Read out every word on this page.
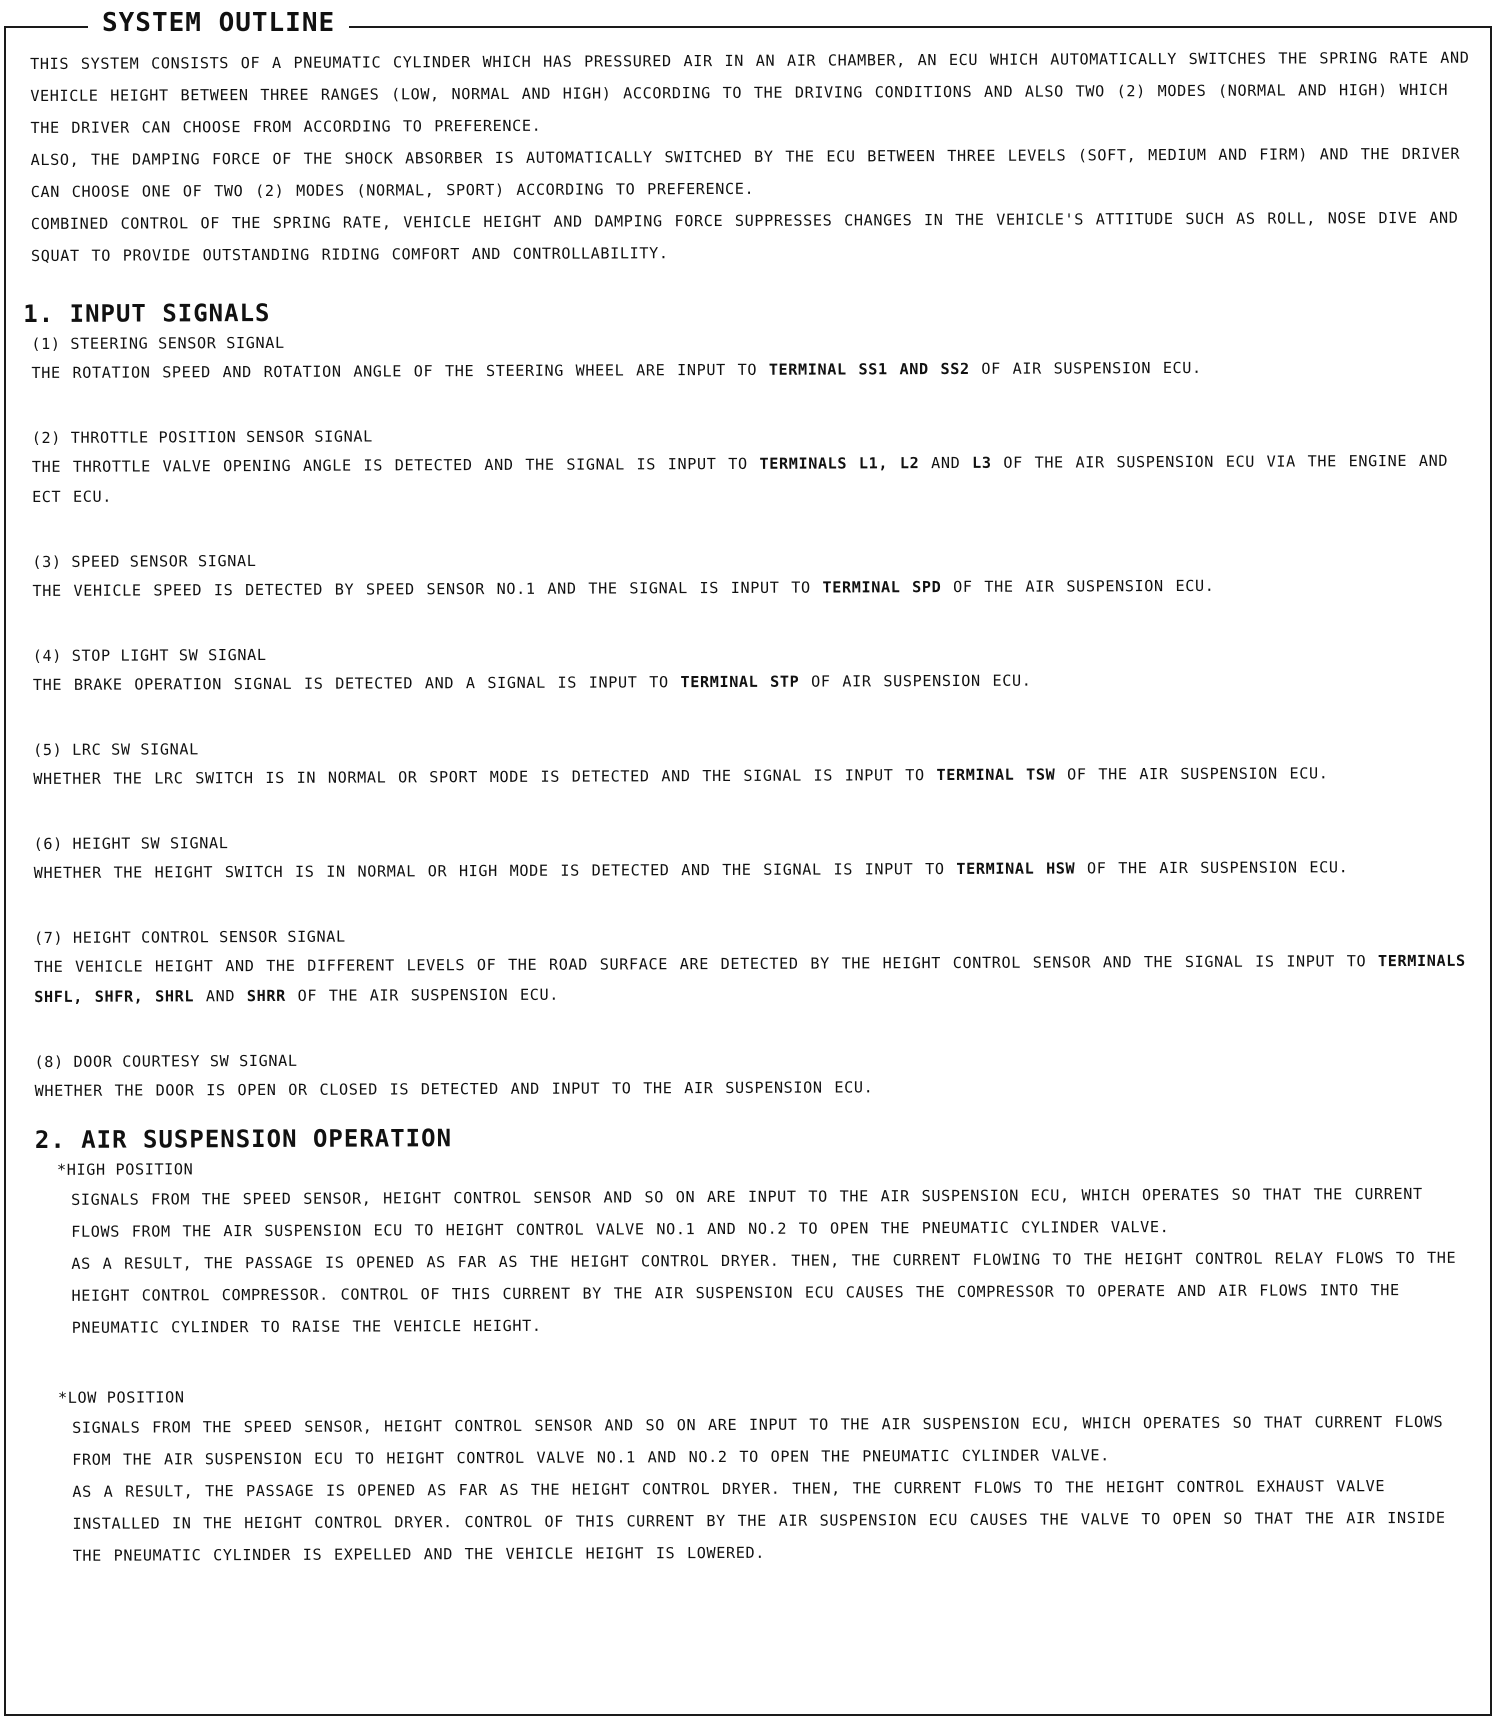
SYSTEM OUTLINE
THIS SYSTEM CONSISTS OF A PNEUMATIC CYLINDER WHICH HAS PRESSURED AIR IN AN AIR CHAMBER, AN ECU WHICH AUTOMATICALLY SWITCHES THE SPRING RATE AND VEHICLE HEIGHT BETWEEN THREE RANGES (LOW, NORMAL AND HIGH) ACCORDING TO THE DRIVING CONDITIONS AND ALSO TWO (2) MODES (NORMAL AND HIGH) WHICH THE DRIVER CAN CHOOSE FROM ACCORDING TO PREFERENCE.
ALSO, THE DAMPING FORCE OF THE SHOCK ABSORBER IS AUTOMATICALLY SWITCHED BY THE ECU BETWEEN THREE LEVELS (SOFT, MEDIUM AND FIRM) AND THE DRIVER CAN CHOOSE ONE OF TWO (2) MODES (NORMAL, SPORT) ACCORDING TO PREFERENCE.
COMBINED CONTROL OF THE SPRING RATE, VEHICLE HEIGHT AND DAMPING FORCE SUPPRESSES CHANGES IN THE VEHICLE'S ATTITUDE SUCH AS ROLL, NOSE DIVE AND SQUAT TO PROVIDE OUTSTANDING RIDING COMFORT AND CONTROLLABILITY.
1. INPUT SIGNALS
(1) STEERING SENSOR SIGNAL
THE ROTATION SPEED AND ROTATION ANGLE OF THE STEERING WHEEL ARE INPUT TO TERMINAL SS1 AND SS2 OF AIR SUSPENSION ECU.
(2) THROTTLE POSITION SENSOR SIGNAL
THE THROTTLE VALVE OPENING ANGLE IS DETECTED AND THE SIGNAL IS INPUT TO TERMINALS L1, L2 AND L3 OF THE AIR SUSPENSION ECU VIA THE ENGINE AND ECT ECU.
(3) SPEED SENSOR SIGNAL
THE VEHICLE SPEED IS DETECTED BY SPEED SENSOR NO.1 AND THE SIGNAL IS INPUT TO TERMINAL SPD OF THE AIR SUSPENSION ECU.
(4) STOP LIGHT SW SIGNAL
THE BRAKE OPERATION SIGNAL IS DETECTED AND A SIGNAL IS INPUT TO TERMINAL STP OF AIR SUSPENSION ECU.
(5) LRC SW SIGNAL
WHETHER THE LRC SWITCH IS IN NORMAL OR SPORT MODE IS DETECTED AND THE SIGNAL IS INPUT TO TERMINAL TSW OF THE AIR SUSPENSION ECU.
(6) HEIGHT SW SIGNAL
WHETHER THE HEIGHT SWITCH IS IN NORMAL OR HIGH MODE IS DETECTED AND THE SIGNAL IS INPUT TO TERMINAL HSW OF THE AIR SUSPENSION ECU.
(7) HEIGHT CONTROL SENSOR SIGNAL
THE VEHICLE HEIGHT AND THE DIFFERENT LEVELS OF THE ROAD SURFACE ARE DETECTED BY THE HEIGHT CONTROL SENSOR AND THE SIGNAL IS INPUT TO TERMINALS SHFL, SHFR, SHRL AND SHRR OF THE AIR SUSPENSION ECU.
(8) DOOR COURTESY SW SIGNAL
WHETHER THE DOOR IS OPEN OR CLOSED IS DETECTED AND INPUT TO THE AIR SUSPENSION ECU.
2. AIR SUSPENSION OPERATION
*HIGH POSITION
SIGNALS FROM THE SPEED SENSOR, HEIGHT CONTROL SENSOR AND SO ON ARE INPUT TO THE AIR SUSPENSION ECU, WHICH OPERATES SO THAT THE CURRENT FLOWS FROM THE AIR SUSPENSION ECU TO HEIGHT CONTROL VALVE NO.1 AND NO.2 TO OPEN THE PNEUMATIC CYLINDER VALVE.
AS A RESULT, THE PASSAGE IS OPENED AS FAR AS THE HEIGHT CONTROL DRYER. THEN, THE CURRENT FLOWING TO THE HEIGHT CONTROL RELAY FLOWS TO THE HEIGHT CONTROL COMPRESSOR. CONTROL OF THIS CURRENT BY THE AIR SUSPENSION ECU CAUSES THE COMPRESSOR TO OPERATE AND AIR FLOWS INTO THE PNEUMATIC CYLINDER TO RAISE THE VEHICLE HEIGHT.
*LOW POSITION
SIGNALS FROM THE SPEED SENSOR, HEIGHT CONTROL SENSOR AND SO ON ARE INPUT TO THE AIR SUSPENSION ECU, WHICH OPERATES SO THAT CURRENT FLOWS FROM THE AIR SUSPENSION ECU TO HEIGHT CONTROL VALVE NO.1 AND NO.2 TO OPEN THE PNEUMATIC CYLINDER VALVE.
AS A RESULT, THE PASSAGE IS OPENED AS FAR AS THE HEIGHT CONTROL DRYER. THEN, THE CURRENT FLOWS TO THE HEIGHT CONTROL EXHAUST VALVE INSTALLED IN THE HEIGHT CONTROL DRYER. CONTROL OF THIS CURRENT BY THE AIR SUSPENSION ECU CAUSES THE VALVE TO OPEN SO THAT THE AIR INSIDE THE PNEUMATIC CYLINDER IS EXPELLED AND THE VEHICLE HEIGHT IS LOWERED.
